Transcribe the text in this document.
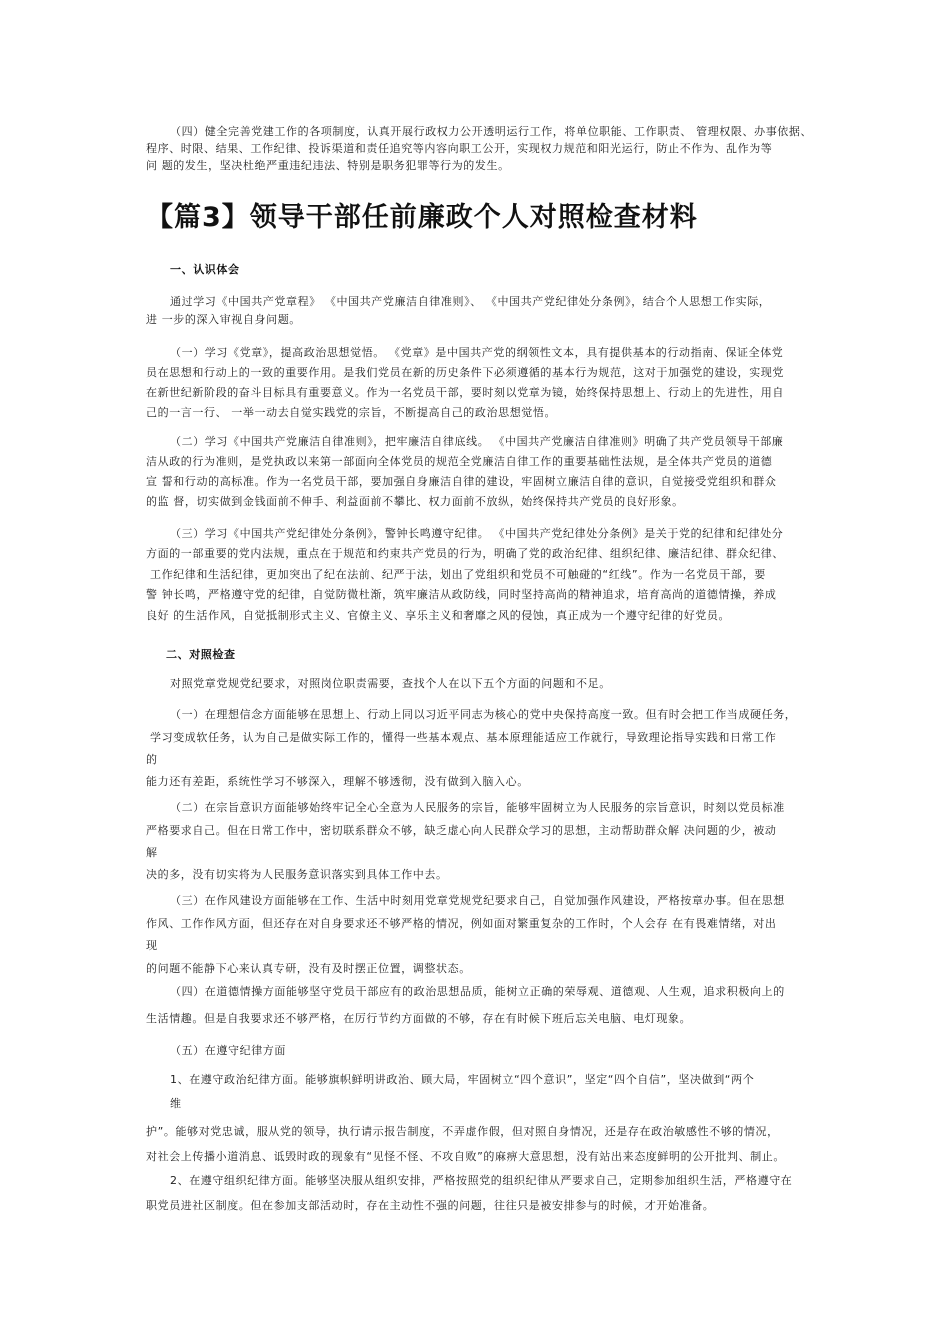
（四）健全完善党建工作的各项制度，认真开展行政权力公开透明运行工作，将单位职能、工作职责、 管理权限、办事依据、
程序、时限、结果、工作纪律、投诉渠道和责任追究等内容向职工公开，实现权力规范和阳光运行，防止不作为、乱作为等
问 题的发生，坚决杜绝严重违纪违法、特别是职务犯罪等行为的发生。
【篇3】领导干部任前廉政个人对照检查材料
一、认识体会
通过学习《中国共产党章程》 《中国共产党廉洁自律准则》、 《中国共产党纪律处分条例》，结合个人思想工作实际，
进 一步的深入审视自身问题。
（一）学习《党章》，提高政治思想觉悟。 《党章》是中国共产党的纲领性文本，具有提供基本的行动指南、保证全体党
员在思想和行动上的一致的重要作用。是我们党员在新的历史条件下必须遵循的基本行为规范，这对于加强党的建设，实现党
在新世纪新阶段的奋斗目标具有重要意义。作为一名党员干部，要时刻以党章为镜，始终保持思想上、行动上的先进性，用自
己的一言一行、 一举一动去自觉实践党的宗旨，不断提高自己的政治思想觉悟。
（二）学习《中国共产党廉洁自律准则》，把牢廉洁自律底线。 《中国共产党廉洁自律准则》明确了共产党员领导干部廉
洁从政的行为准则，是党执政以来第一部面向全体党员的规范全党廉洁自律工作的重要基础性法规，是全体共产党员的道德
宣 誓和行动的高标准。作为一名党员干部，要加强自身廉洁自律的建设，牢固树立廉洁自律的意识，自觉接受党组织和群众
的监 督，切实做到金钱面前不伸手、利益面前不攀比、权力面前不放纵，始终保持共产党员的良好形象。
（三）学习《中国共产党纪律处分条例》，警钟长鸣遵守纪律。 《中国共产党纪律处分条例》是关于党的纪律和纪律处分
方面的一部重要的党内法规，重点在于规范和约束共产党员的行为，明确了党的政治纪律、组织纪律、廉洁纪律、群众纪律、
工作纪律和生活纪律，更加突出了纪在法前、纪严于法，划出了党组织和党员不可触碰的“红线”。作为一名党员干部，要
警 钟长鸣，严格遵守党的纪律，自觉防微杜渐，筑牢廉洁从政防线，同时坚持高尚的精神追求，培育高尚的道德情操，养成
良好 的生活作风，自觉抵制形式主义、官僚主义、享乐主义和奢靡之风的侵蚀，真正成为一个遵守纪律的好党员。
二、对照检查
对照党章党规党纪要求，对照岗位职责需要，查找个人在以下五个方面的问题和不足。
（一）在理想信念方面能够在思想上、行动上同以习近平同志为核心的党中央保持高度一致。但有时会把工作当成硬任务，
学习变成软任务，认为自己是做实际工作的，懂得一些基本观点、基本原理能适应工作就行，导致理论指导实践和日常工作
的
能力还有差距，系统性学习不够深入，理解不够透彻，没有做到入脑入心。
（二）在宗旨意识方面能够始终牢记全心全意为人民服务的宗旨，能够牢固树立为人民服务的宗旨意识，时刻以党员标准
严格要求自己。但在日常工作中，密切联系群众不够，缺乏虚心向人民群众学习的思想，主动帮助群众解 决问题的少，被动
解
决的多，没有切实将为人民服务意识落实到具体工作中去。
（三）在作风建设方面能够在工作、生活中时刻用党章党规党纪要求自己，自觉加强作风建设，严格按章办事。但在思想
作风、工作作风方面，但还存在对自身要求还不够严格的情况，例如面对繁重复杂的工作时，个人会存 在有畏难情绪，对出
现
的问题不能静下心来认真专研，没有及时摆正位置，调整状态。
（四）在道德情操方面能够坚守党员干部应有的政治思想品质，能树立正确的荣辱观、道德观、人生观，追求积极向上的
生活情趣。但是自我要求还不够严格，在厉行节约方面做的不够，存在有时候下班后忘关电脑、电灯现象。
（五）在遵守纪律方面
1、在遵守政治纪律方面。能够旗帜鲜明讲政治、顾大局，牢固树立“四个意识”，坚定“四个自信”，坚决做到“两个
维
护”。能够对党忠诚，服从党的领导，执行请示报告制度，不弄虚作假，但对照自身情况，还是存在政治敏感性不够的情况，
对社会上传播小道消息、诋毁时政的现象有“见怪不怪、不攻自败”的麻痹大意思想，没有站出来态度鲜明的公开批判、制止。
2、在遵守组织纪律方面。能够坚决服从组织安排，严格按照党的组织纪律从严要求自己，定期参加组织生活，严格遵守在
职党员进社区制度。但在参加支部活动时，存在主动性不强的问题，往往只是被安排参与的时候，才开始准备。
